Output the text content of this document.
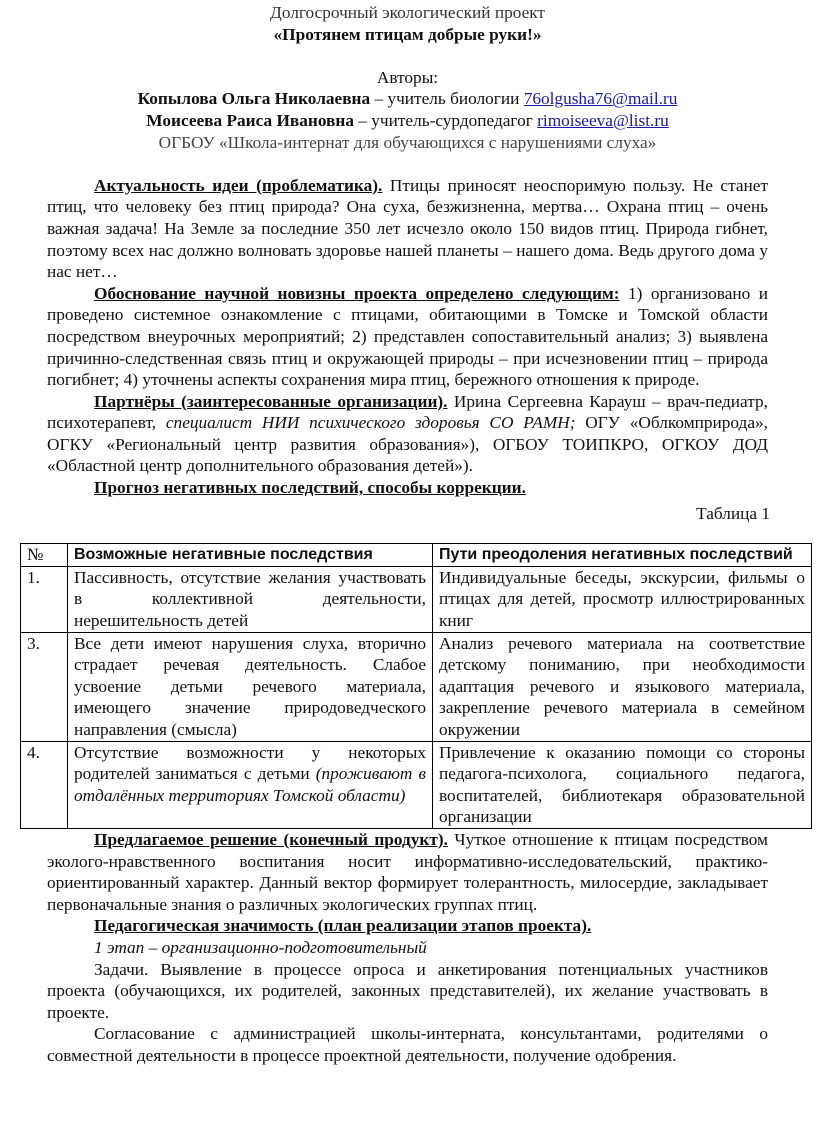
Долгосрочный экологический проект

«Протянем птицам добрые руки!»

Авторы:

Копылова Ольга Николаевна – учитель биологии 76olgusha76@mail.ru

Моисеева Раиса Ивановна – учитель-сурдопедагог rimoiseeva@list.ru

ОГБОУ «Школа-интернат для обучающихся с нарушениями слуха»

Актуальность идеи (проблематика). Птицы приносят неоспоримую пользу. Не станет птиц, что человеку без птиц природа? Она суха, безжизненна, мертва… Охрана птиц – очень важная задача! На Земле за последние 350 лет исчезло около 150 видов птиц. Природа гибнет, поэтому всех нас должно волновать здоровье нашей планеты – нашего дома. Ведь другого дома у нас нет…

Обоснование научной новизны проекта определено следующим: 1) организовано и проведено системное ознакомление с птицами, обитающими в Томске и Томской области посредством внеурочных мероприятий; 2) представлен сопоставительный анализ; 3) выявлена причинно-следственная связь птиц и окружающей природы – при исчезновении птиц – природа погибнет; 4) уточнены аспекты сохранения мира птиц, бережного отношения к природе.

Партнёры (заинтересованные организации). Ирина Сергеевна Карауш – врач-педиатр, психотерапевт, специалист НИИ психического здоровья СО РАМН; ОГУ «Облкомприрода», ОГКУ «Региональный центр развития образования»), ОГБОУ ТОИПКРО, ОГКОУ ДОД «Областной центр дополнительного образования детей»).

Прогноз негативных последствий, способы коррекции.

Таблица 1

№	Возможные негативные последствия	Пути преодоления негативных последствий
1.	Пассивность, отсутствие желания участвовать в коллективной деятельности, нерешительность детей	Индивидуальные беседы, экскурсии, фильмы о птицах для детей, просмотр иллюстрированных книг
3.	Все дети имеют нарушения слуха, вторично страдает речевая деятельность. Слабое усвоение детьми речевого материала, имеющего значение природоведческого направления (смысла)	Анализ речевого материала на соответствие детскому пониманию, при необходимости адаптация речевого и языкового материала, закрепление речевого материала в семейном окружении
4.	Отсутствие возможности у некоторых родителей заниматься с детьми (проживают в отдалённых территориях Томской области)	Привлечение к оказанию помощи со стороны педагога-психолога, социального педагога, воспитателей, библиотекаря образовательной организации

Предлагаемое решение (конечный продукт). Чуткое отношение к птицам посредством эколого-нравственного воспитания носит информативно-исследовательский, практико-ориентированный характер. Данный вектор формирует толерантность, милосердие, закладывает первоначальные знания о различных экологических группах птиц.

Педагогическая значимость (план реализации этапов проекта).

1 этап – организационно-подготовительный

Задачи. Выявление в процессе опроса и анкетирования потенциальных участников проекта (обучающихся, их родителей, законных представителей), их желание участвовать в проекте.

Согласование с администрацией школы-интерната, консультантами, родителями о совместной деятельности в процессе проектной деятельности, получение одобрения.
